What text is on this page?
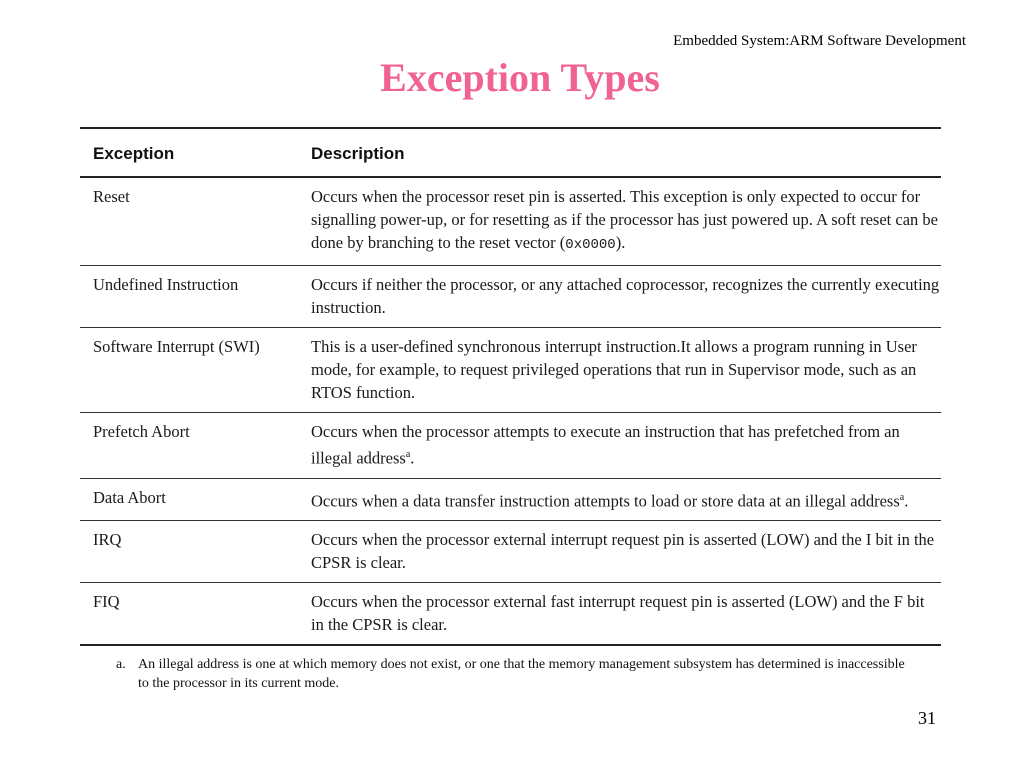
Embedded System:ARM Software Development
Exception Types
Exception	Description
Reset	Occurs when the processor reset pin is asserted. This exception is only expected to occur for signalling power-up, or for resetting as if the processor has just powered up. A soft reset can be done by branching to the reset vector (0x0000).
Undefined Instruction	Occurs if neither the processor, or any attached coprocessor, recognizes the currently executing instruction.
Software Interrupt (SWI)	This is a user-defined synchronous interrupt instruction.It allows a program running in User mode, for example, to request privileged operations that run in Supervisor mode, such as an RTOS function.
Prefetch Abort	Occurs when the processor attempts to execute an instruction that has prefetched from an illegal address$^a$.
Data Abort	Occurs when a data transfer instruction attempts to load or store data at an illegal address$^a$.
IRQ	Occurs when the processor external interrupt request pin is asserted (LOW) and the I bit in the CPSR is clear.
FIQ	Occurs when the processor external fast interrupt request pin is asserted (LOW) and the F bit in the CPSR is clear.
a. An illegal address is one at which memory does not exist, or one that the memory management subsystem has determined is inaccessible to the processor in its current mode.
31
